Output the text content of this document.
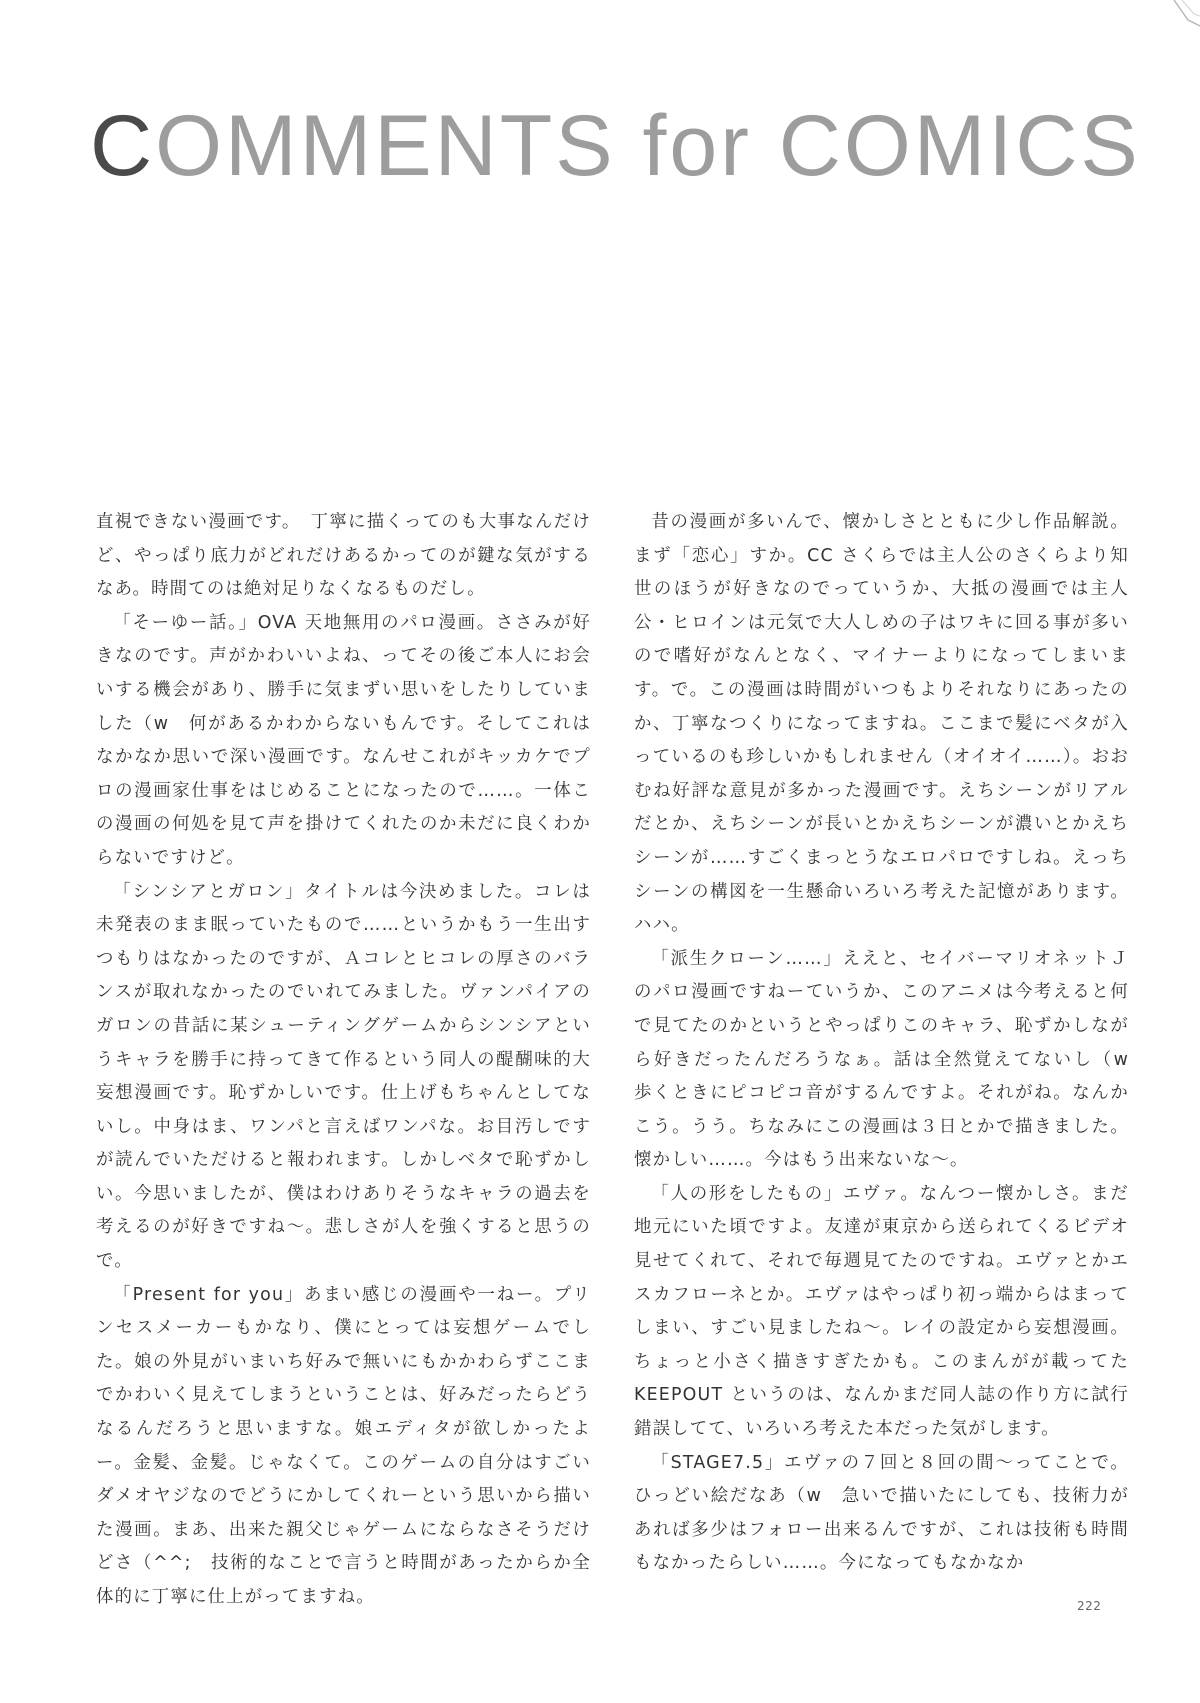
COMMENTS for COMICS

直視できない漫画です。　丁寧に描くってのも大事なんだけど、やっぱり底力がどれだけあるかってのが鍵な気がするなあ。時間てのは絶対足りなくなるものだし。

「そーゆー話。」OVA 天地無用のパロ漫画。ささみが好きなのです。声がかわいいよね、ってその後ご本人にお会いする機会があり、勝手に気まずい思いをしたりしていました（w　何があるかわからないもんです。そしてこれはなかなか思いで深い漫画です。なんせこれがキッカケでプロの漫画家仕事をはじめることになったので……。一体この漫画の何処を見て声を掛けてくれたのか未だに良くわからないですけど。

「シンシアとガロン」タイトルは今決めました。コレは未発表のまま眠っていたもので……というかもう一生出すつもりはなかったのですが、Ａコレとヒコレの厚さのバランスが取れなかったのでいれてみました。ヴァンパイアのガロンの昔話に某シューティングゲームからシンシアというキャラを勝手に持ってきて作るという同人の醍醐味的大妄想漫画です。恥ずかしいです。仕上げもちゃんとしてないし。中身はま、ワンパと言えばワンパな。お目汚しですが読んでいただけると報われます。しかしベタで恥ずかしい。今思いましたが、僕はわけありそうなキャラの過去を考えるのが好きですね〜。悲しさが人を強くすると思うので。

「Present for you」あまい感じの漫画や一ねー。プリンセスメーカーもかなり、僕にとっては妄想ゲームでした。娘の外見がいまいち好みで無いにもかかわらずここまでかわいく見えてしまうということは、好みだったらどうなるんだろうと思いますな。娘エディタが欲しかったよー。金髪、金髪。じゃなくて。このゲームの自分はすごいダメオヤジなのでどうにかしてくれーという思いから描いた漫画。まあ、出来た親父じゃゲームにならなさそうだけどさ（^^;　技術的なことで言うと時間があったからか全体的に丁寧に仕上がってますね。

昔の漫画が多いんで、懐かしさとともに少し作品解説。まず「恋心」すか。CC さくらでは主人公のさくらより知世のほうが好きなのでっていうか、大抵の漫画では主人公・ヒロインは元気で大人しめの子はワキに回る事が多いので嗜好がなんとなく、マイナーよりになってしまいます。で。この漫画は時間がいつもよりそれなりにあったのか、丁寧なつくりになってますね。ここまで髪にベタが入っているのも珍しいかもしれません（オイオイ……）。おおむね好評な意見が多かった漫画です。えちシーンがリアルだとか、えちシーンが長いとかえちシーンが濃いとかえちシーンが……すごくまっとうなエロパロですしね。えっちシーンの構図を一生懸命いろいろ考えた記憶があります。ハハ。

「派生クローン……」ええと、セイバーマリオネットＪのパロ漫画ですねーていうか、このアニメは今考えると何で見てたのかというとやっぱりこのキャラ、恥ずかしながら好きだったんだろうなぁ。話は全然覚えてないし（w　歩くときにピコピコ音がするんですよ。それがね。なんかこう。うう。ちなみにこの漫画は３日とかで描きました。懐かしい……。今はもう出来ないな〜。

「人の形をしたもの」エヴァ。なんつー懐かしさ。まだ地元にいた頃ですよ。友達が東京から送られてくるビデオ見せてくれて、それで毎週見てたのですね。エヴァとかエスカフローネとか。エヴァはやっぱり初っ端からはまってしまい、すごい見ましたね〜。レイの設定から妄想漫画。ちょっと小さく描きすぎたかも。このまんがが載ってた KEEPOUT というのは、なんかまだ同人誌の作り方に試行錯誤してて、いろいろ考えた本だった気がします。

「STAGE7.5」エヴァの７回と８回の間〜ってことで。ひっどい絵だなあ（w　急いで描いたにしても、技術力があれば多少はフォロー出来るんですが、これは技術も時間もなかったらしい……。今になってもなかなか

222
